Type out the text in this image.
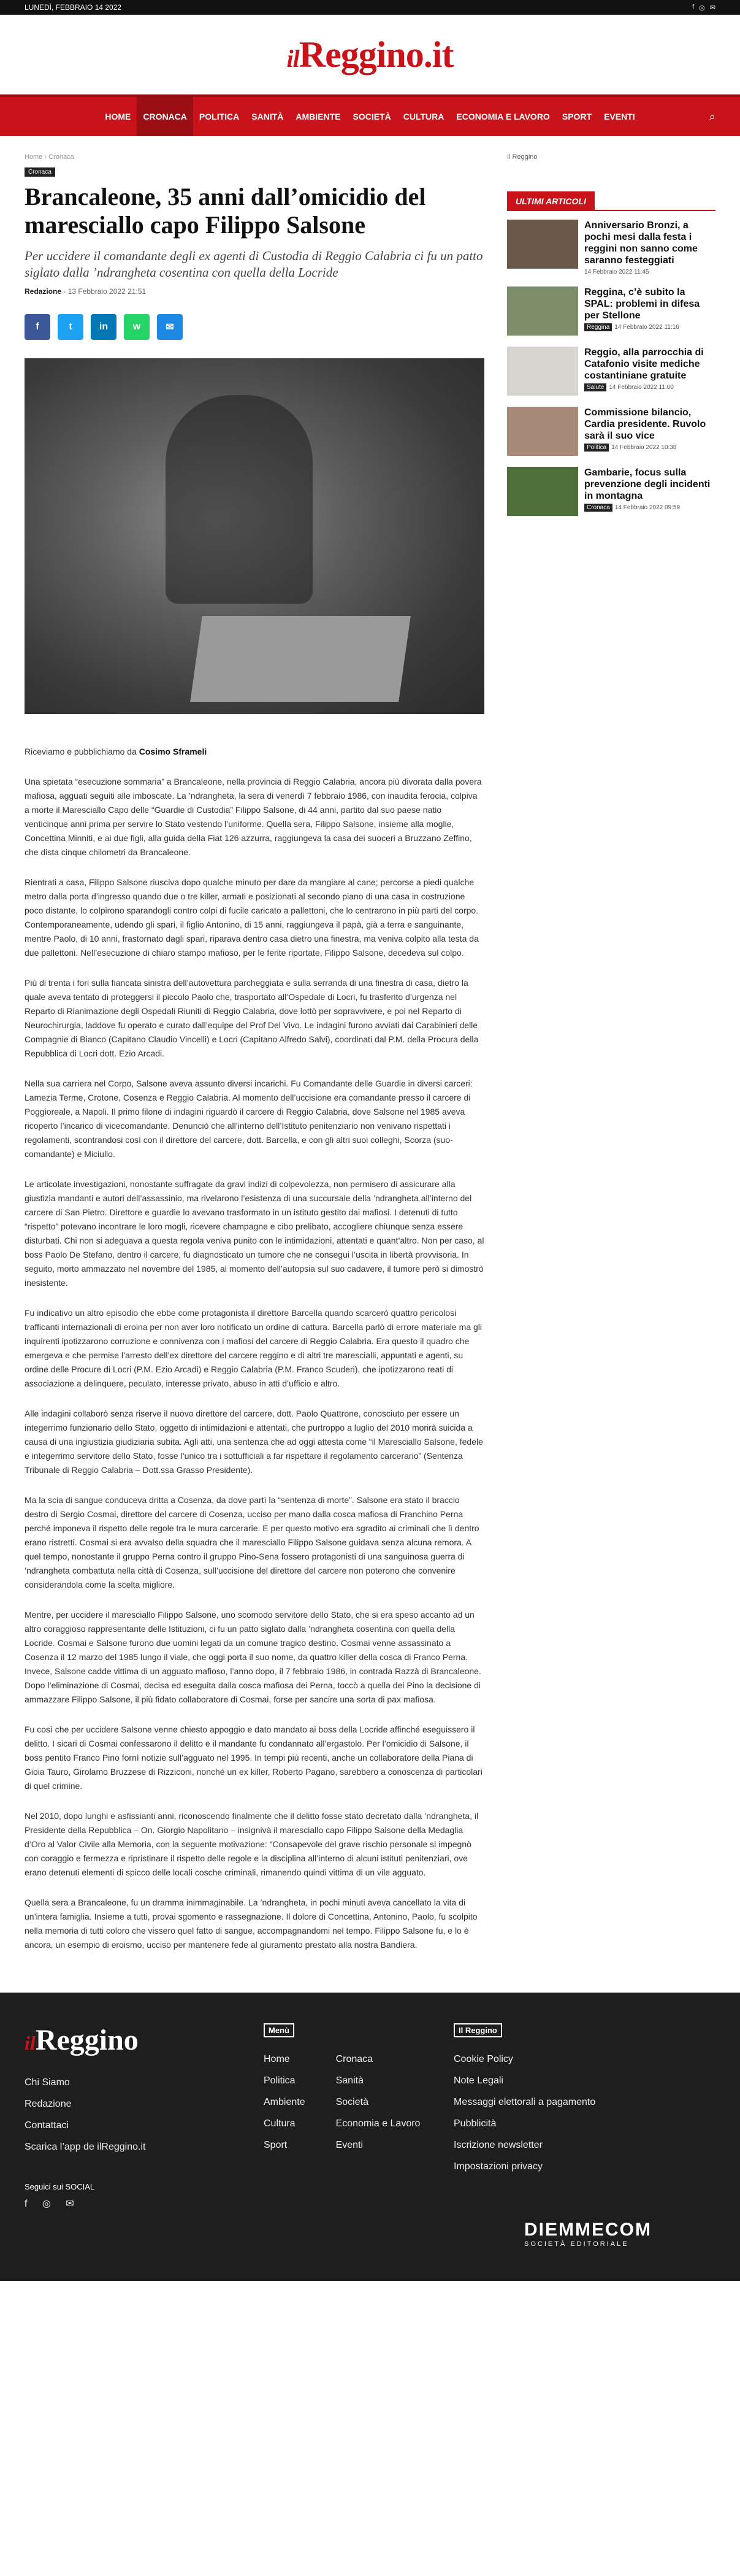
LUNEDÌ, FEBBRAIO 14 2022	f ◎ ✉
ilReggino.it
HOME	CRONACA	POLITICA	SANITÀ	AMBIENTE	SOCIETÀ	CULTURA	ECONOMIA E LAVORO	SPORT	EVENTI	⌕
Home › Cronaca
Cronaca
Brancaleone, 35 anni dall’omicidio del maresciallo capo Filippo Salsone
Per uccidere il comandante degli ex agenti di Custodia di Reggio Calabria ci fu un patto siglato dalla ’ndrangheta cosentina con quella della Locride
Redazione - 13 Febbraio 2022 21:51
f	t	in	w	✉

Riceviamo e pubblichiamo da Cosimo Sframeli

Una spietata “esecuzione sommaria” a Brancaleone, nella provincia di Reggio Calabria, ancora più divorata dalla povera mafiosa, agguati seguiti alle imboscate. La ’ndrangheta, la sera di venerdì 7 febbraio 1986, con inaudita ferocia, colpiva a morte il Maresciallo Capo delle “Guardie di Custodia” Filippo Salsone, di 44 anni, partito dal suo paese natio venticinque anni prima per servire lo Stato vestendo l’uniforme. Quella sera, Filippo Salsone, insieme alla moglie, Concettina Minniti, e ai due figli, alla guida della Fiat 126 azzurra, raggiungeva la casa dei suoceri a Bruzzano Zeffino, che dista cinque chilometri da Brancaleone.

Rientrati a casa, Filippo Salsone riusciva dopo qualche minuto per dare da mangiare al cane; percorse a piedi qualche metro dalla porta d’ingresso quando due o tre killer, armati e posizionati al secondo piano di una casa in costruzione poco distante, lo colpirono sparandogli contro colpi di fucile caricato a pallettoni, che lo centrarono in più parti del corpo. Contemporaneamente, udendo gli spari, il figlio Antonino, di 15 anni, raggiungeva il papà, già a terra e sanguinante, mentre Paolo, di 10 anni, frastornato dagli spari, riparava dentro casa dietro una finestra, ma veniva colpito alla testa da due pallettoni. Nell’esecuzione di chiaro stampo mafioso, per le ferite riportate, Filippo Salsone, decedeva sul colpo.

Più di trenta i fori sulla fiancata sinistra dell’autovettura parcheggiata e sulla serranda di una finestra di casa, dietro la quale aveva tentato di proteggersi il piccolo Paolo che, trasportato all’Ospedale di Locri, fu trasferito d’urgenza nel Reparto di Rianimazione degli Ospedali Riuniti di Reggio Calabria, dove lottò per sopravvivere, e poi nel Reparto di Neurochirurgia, laddove fu operato e curato dall’equipe del Prof Del Vivo. Le indagini furono avviati dai Carabinieri delle Compagnie di Bianco (Capitano Claudio Vincelli) e Locri (Capitano Alfredo Salvi), coordinati dal P.M. della Procura della Repubblica di Locri dott. Ezio Arcadi.

Nella sua carriera nel Corpo, Salsone aveva assunto diversi incarichi. Fu Comandante delle Guardie in diversi carceri: Lamezia Terme, Crotone, Cosenza e Reggio Calabria. Al momento dell’uccisione era comandante presso il carcere di Poggioreale, a Napoli. Il primo filone di indagini riguardò il carcere di Reggio Calabria, dove Salsone nel 1985 aveva ricoperto l’incarico di vicecomandante. Denunciò che all’interno dell’Istituto penitenziario non venivano rispettati i regolamenti, scontrandosi così con il direttore del carcere, dott. Barcella, e con gli altri suoi colleghi, Scorza (suo-comandante) e Miciullo.

Le articolate investigazioni, nonostante suffragate da gravi indizi di colpevolezza, non permisero di assicurare alla giustizia mandanti e autori dell’assassinio, ma rivelarono l’esistenza di una succursale della ’ndrangheta all’interno del carcere di San Pietro. Direttore e guardie lo avevano trasformato in un istituto gestito dai mafiosi. I detenuti di tutto “rispetto” potevano incontrare le loro mogli, ricevere champagne e cibo prelibato, accogliere chiunque senza essere disturbati. Chi non si adeguava a questa regola veniva punito con le intimidazioni, attentati e quant’altro. Non per caso, al boss Paolo De Stefano, dentro il carcere, fu diagnosticato un tumore che ne consegui l’uscita in libertà provvisoria. In seguito, morto ammazzato nel novembre del 1985, al momento dell’autopsia sul suo cadavere, il tumore però si dimostrò inesistente.

Fu indicativo un altro episodio che ebbe come protagonista il direttore Barcella quando scarcerò quattro pericolosi trafficanti internazionali di eroina per non aver loro notificato un ordine di cattura. Barcella parlò di errore materiale ma gli inquirenti ipotizzarono corruzione e connivenza con i mafiosi del carcere di Reggio Calabria. Era questo il quadro che emergeva e che permise l’arresto dell’ex direttore del carcere reggino e di altri tre marescialli, appuntati e agenti, su ordine delle Procure di Locri (P.M. Ezio Arcadi) e Reggio Calabria (P.M. Franco Scuderi), che ipotizzarono reati di associazione a delinquere, peculato, interesse privato, abuso in atti d’ufficio e altro.

Alle indagini collaborò senza riserve il nuovo direttore del carcere, dott. Paolo Quattrone, conosciuto per essere un integerrimo funzionario dello Stato, oggetto di intimidazioni e attentati, che purtroppo a luglio del 2010 morirà suicida a causa di una ingiustizia giudiziaria subita. Agli atti, una sentenza che ad oggi attesta come “il Maresciallo Salsone, fedele e integerrimo servitore dello Stato, fosse l’unico tra i sottufficiali a far rispettare il regolamento carcerario” (Sentenza Tribunale di Reggio Calabria – Dott.ssa Grasso Presidente).

Ma la scia di sangue conduceva dritta a Cosenza, da dove partì la “sentenza di morte”. Salsone era stato il braccio destro di Sergio Cosmai, direttore del carcere di Cosenza, ucciso per mano dalla cosca mafiosa di Franchino Perna perché imponeva il rispetto delle regole tra le mura carcerarie. E per questo motivo era sgradito ai criminali che lì dentro erano ristretti. Cosmai si era avvalso della squadra che il maresciallo Filippo Salsone guidava senza alcuna remora. A quel tempo, nonostante il gruppo Perna contro il gruppo Pino-Sena fossero protagonisti di una sanguinosa guerra di ’ndrangheta combattuta nella città di Cosenza, sull’uccisione del direttore del carcere non poterono che convenire considerandola come la scelta migliore.

Mentre, per uccidere il maresciallo Filippo Salsone, uno scomodo servitore dello Stato, che si era speso accanto ad un altro coraggioso rappresentante delle Istituzioni, ci fu un patto siglato dalla ’ndrangheta cosentina con quella della Locride. Cosmai e Salsone furono due uomini legati da un comune tragico destino. Cosmai venne assassinato a Cosenza il 12 marzo del 1985 lungo il viale, che oggi porta il suo nome, da quattro killer della cosca di Franco Perna. Invece, Salsone cadde vittima di un agguato mafioso, l’anno dopo, il 7 febbraio 1986, in contrada Razzà di Brancaleone. Dopo l’eliminazione di Cosmai, decisa ed eseguita dalla cosca mafiosa dei Perna, toccò a quella dei Pino la decisione di ammazzare Filippo Salsone, il più fidato collaboratore di Cosmai, forse per sancire una sorta di pax mafiosa.

Fu così che per uccidere Salsone venne chiesto appoggio e dato mandato ai boss della Locride affinché eseguissero il delitto. I sicari di Cosmai confessarono il delitto e il mandante fu condannato all’ergastolo. Per l’omicidio di Salsone, il boss pentito Franco Pino fornì notizie sull’agguato nel 1995. In tempi più recenti, anche un collaboratore della Piana di Gioia Tauro, Girolamo Bruzzese di Rizziconi, nonché un ex killer, Roberto Pagano, sarebbero a conoscenza di particolari di quel crimine.

Nel 2010, dopo lunghi e asfissianti anni, riconoscendo finalmente che il delitto fosse stato decretato dalla ’ndrangheta, il Presidente della Repubblica – On. Giorgio Napolitano – insignivà il maresciallo capo Filippo Salsone della Medaglia d’Oro al Valor Civile alla Memoria, con la seguente motivazione: “Consapevole del grave rischio personale si impegnò con coraggio e fermezza e ripristinare il rispetto delle regole e la disciplina all’interno di alcuni istituti penitenziari, ove erano detenuti elementi di spicco delle locali cosche criminali, rimanendo quindi vittima di un vile agguato.

Quella sera a Brancaleone, fu un dramma inimmaginabile. La ’ndrangheta, in pochi minuti aveva cancellato la vita di un’intera famiglia. Insieme a tutti, provai sgomento e rassegnazione. Il dolore di Concettina, Antonino, Paolo, fu scolpito nella memoria di tutti coloro che vissero quel fatto di sangue, accompagnandomi nel tempo. Filippo Salsone fu, e lo è ancora, un esempio di eroismo, ucciso per mantenere fede al giuramento prestato alla nostra Bandiera.

Il Reggino
ULTIMI ARTICOLI
Anniversario Bronzi, a pochi mesi dalla festa i reggini non sanno come saranno festeggiati
14 Febbraio 2022 11:45
Reggina, c’è subito la SPAL: problemi in difesa per Stellone
Reggina 14 Febbraio 2022 11:16
Reggio, alla parrocchia di Catafonio visite mediche costantiniane gratuite
Salute 14 Febbraio 2022 11:00
Commissione bilancio, Cardia presidente. Ruvolo sarà il suo vice
Politica 14 Febbraio 2022 10:38
Gambarie, focus sulla prevenzione degli incidenti in montagna
Cronaca 14 Febbraio 2022 09:59
ilReggino
Chi Siamo
Redazione
Contattaci
Scarica l’app de ilReggino.it
Seguici sui SOCIAL
f ◎ ✉
Menù
Home
Politica
Ambiente
Cultura
Sport
Cronaca
Sanità
Società
Economia e Lavoro
Eventi
Il Reggino
Cookie Policy
Note Legali
Messaggi elettorali a pagamento
Pubblicità
Iscrizione newsletter
Impostazioni privacy
DIEMMECOM
SOCIETÀ EDITORIALE
